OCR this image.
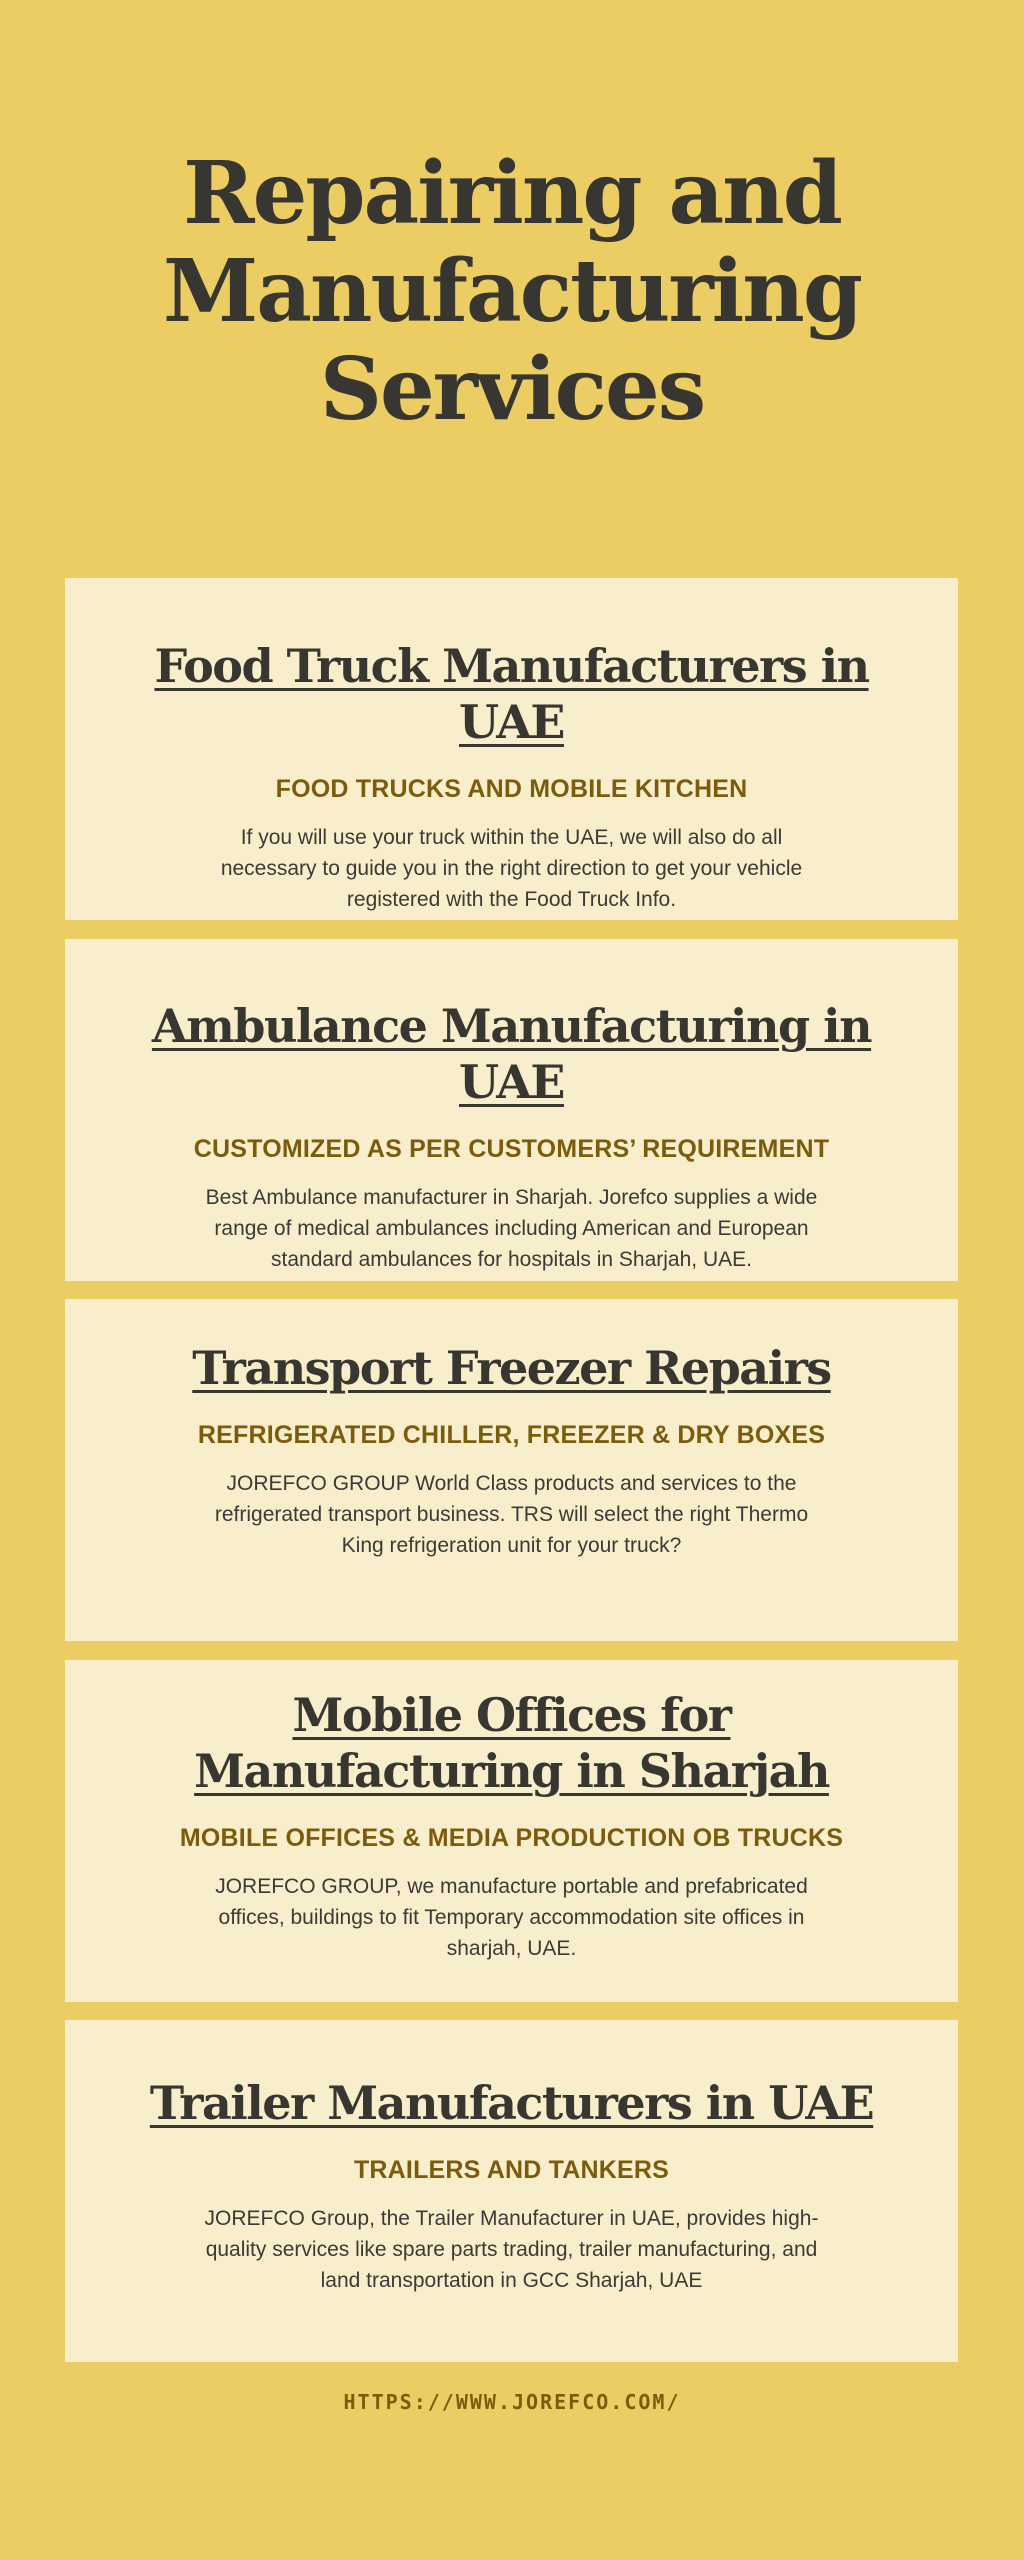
Repairing and
Manufacturing
Services
Food Truck Manufacturers in UAE

FOOD TRUCKS AND MOBILE KITCHEN

If you will use your truck within the UAE, we will also do all necessary to guide you in the right direction to get your vehicle registered with the Food Truck Info.

Ambulance Manufacturing in UAE

CUSTOMIZED AS PER CUSTOMERS’ REQUIREMENT

Best Ambulance manufacturer in Sharjah. Jorefco supplies a wide range of medical ambulances including American and European standard ambulances for hospitals in Sharjah, UAE.

Transport Freezer Repairs

REFRIGERATED CHILLER, FREEZER & DRY BOXES

JOREFCO GROUP World Class products and services to the refrigerated transport business. TRS will select the right Thermo King refrigeration unit for your truck?

Mobile Offices for Manufacturing in Sharjah

MOBILE OFFICES & MEDIA PRODUCTION OB TRUCKS

JOREFCO GROUP, we manufacture portable and prefabricated offices, buildings to fit Temporary accommodation site offices in sharjah, UAE.

Trailer Manufacturers in UAE

TRAILERS AND TANKERS

JOREFCO Group, the Trailer Manufacturer in UAE, provides high-quality services like spare parts trading, trailer manufacturing, and land transportation in GCC Sharjah, UAE

HTTPS://WWW.JOREFCO.COM/
